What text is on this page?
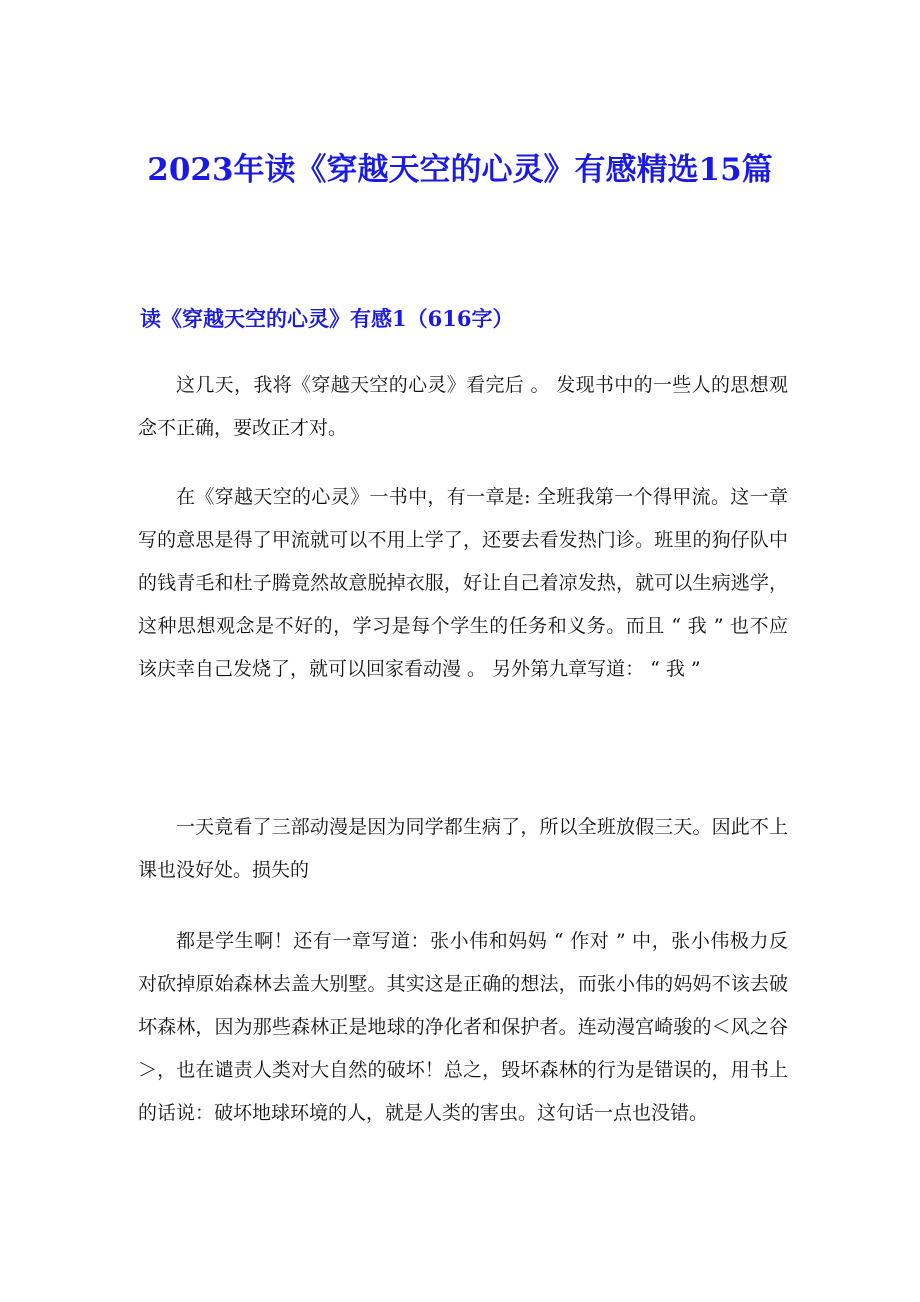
2023年读《穿越天空的心灵》有感精选15篇
读《穿越天空的心灵》有感1（616字）

这几天，我将《穿越天空的心灵》看完后 。 发现书中的一些人的思想观念不正确，要改正才对。

在《穿越天空的心灵》一书中，有一章是: 全班我第一个得甲流。这一章写的意思是得了甲流就可以不用上学了，还要去看发热门诊。班里的狗仔队中的钱青毛和杜子腾竟然故意脱掉衣服，好让自己着凉发热，就可以生病逃学，这种思想观念是不好的，学习是每个学生的任务和义务。而且 “ 我 ” 也不应该庆幸自己发烧了，就可以回家看动漫 。 另外第九章写道： “ 我 ”

一天竟看了三部动漫是因为同学都生病了，所以全班放假三天。因此不上课也没好处。损失的

都是学生啊！还有一章写道：张小伟和妈妈 “ 作对 ” 中，张小伟极力反对砍掉原始森林去盖大别墅。其实这是正确的想法，而张小伟的妈妈不该去破坏森林，因为那些森林正是地球的净化者和保护者。连动漫宫崎骏的＜风之谷＞，也在谴责人类对大自然的破坏！总之，毁坏森林的行为是错误的，用书上的话说：破坏地球环境的人，就是人类的害虫。这句话一点也没错。
